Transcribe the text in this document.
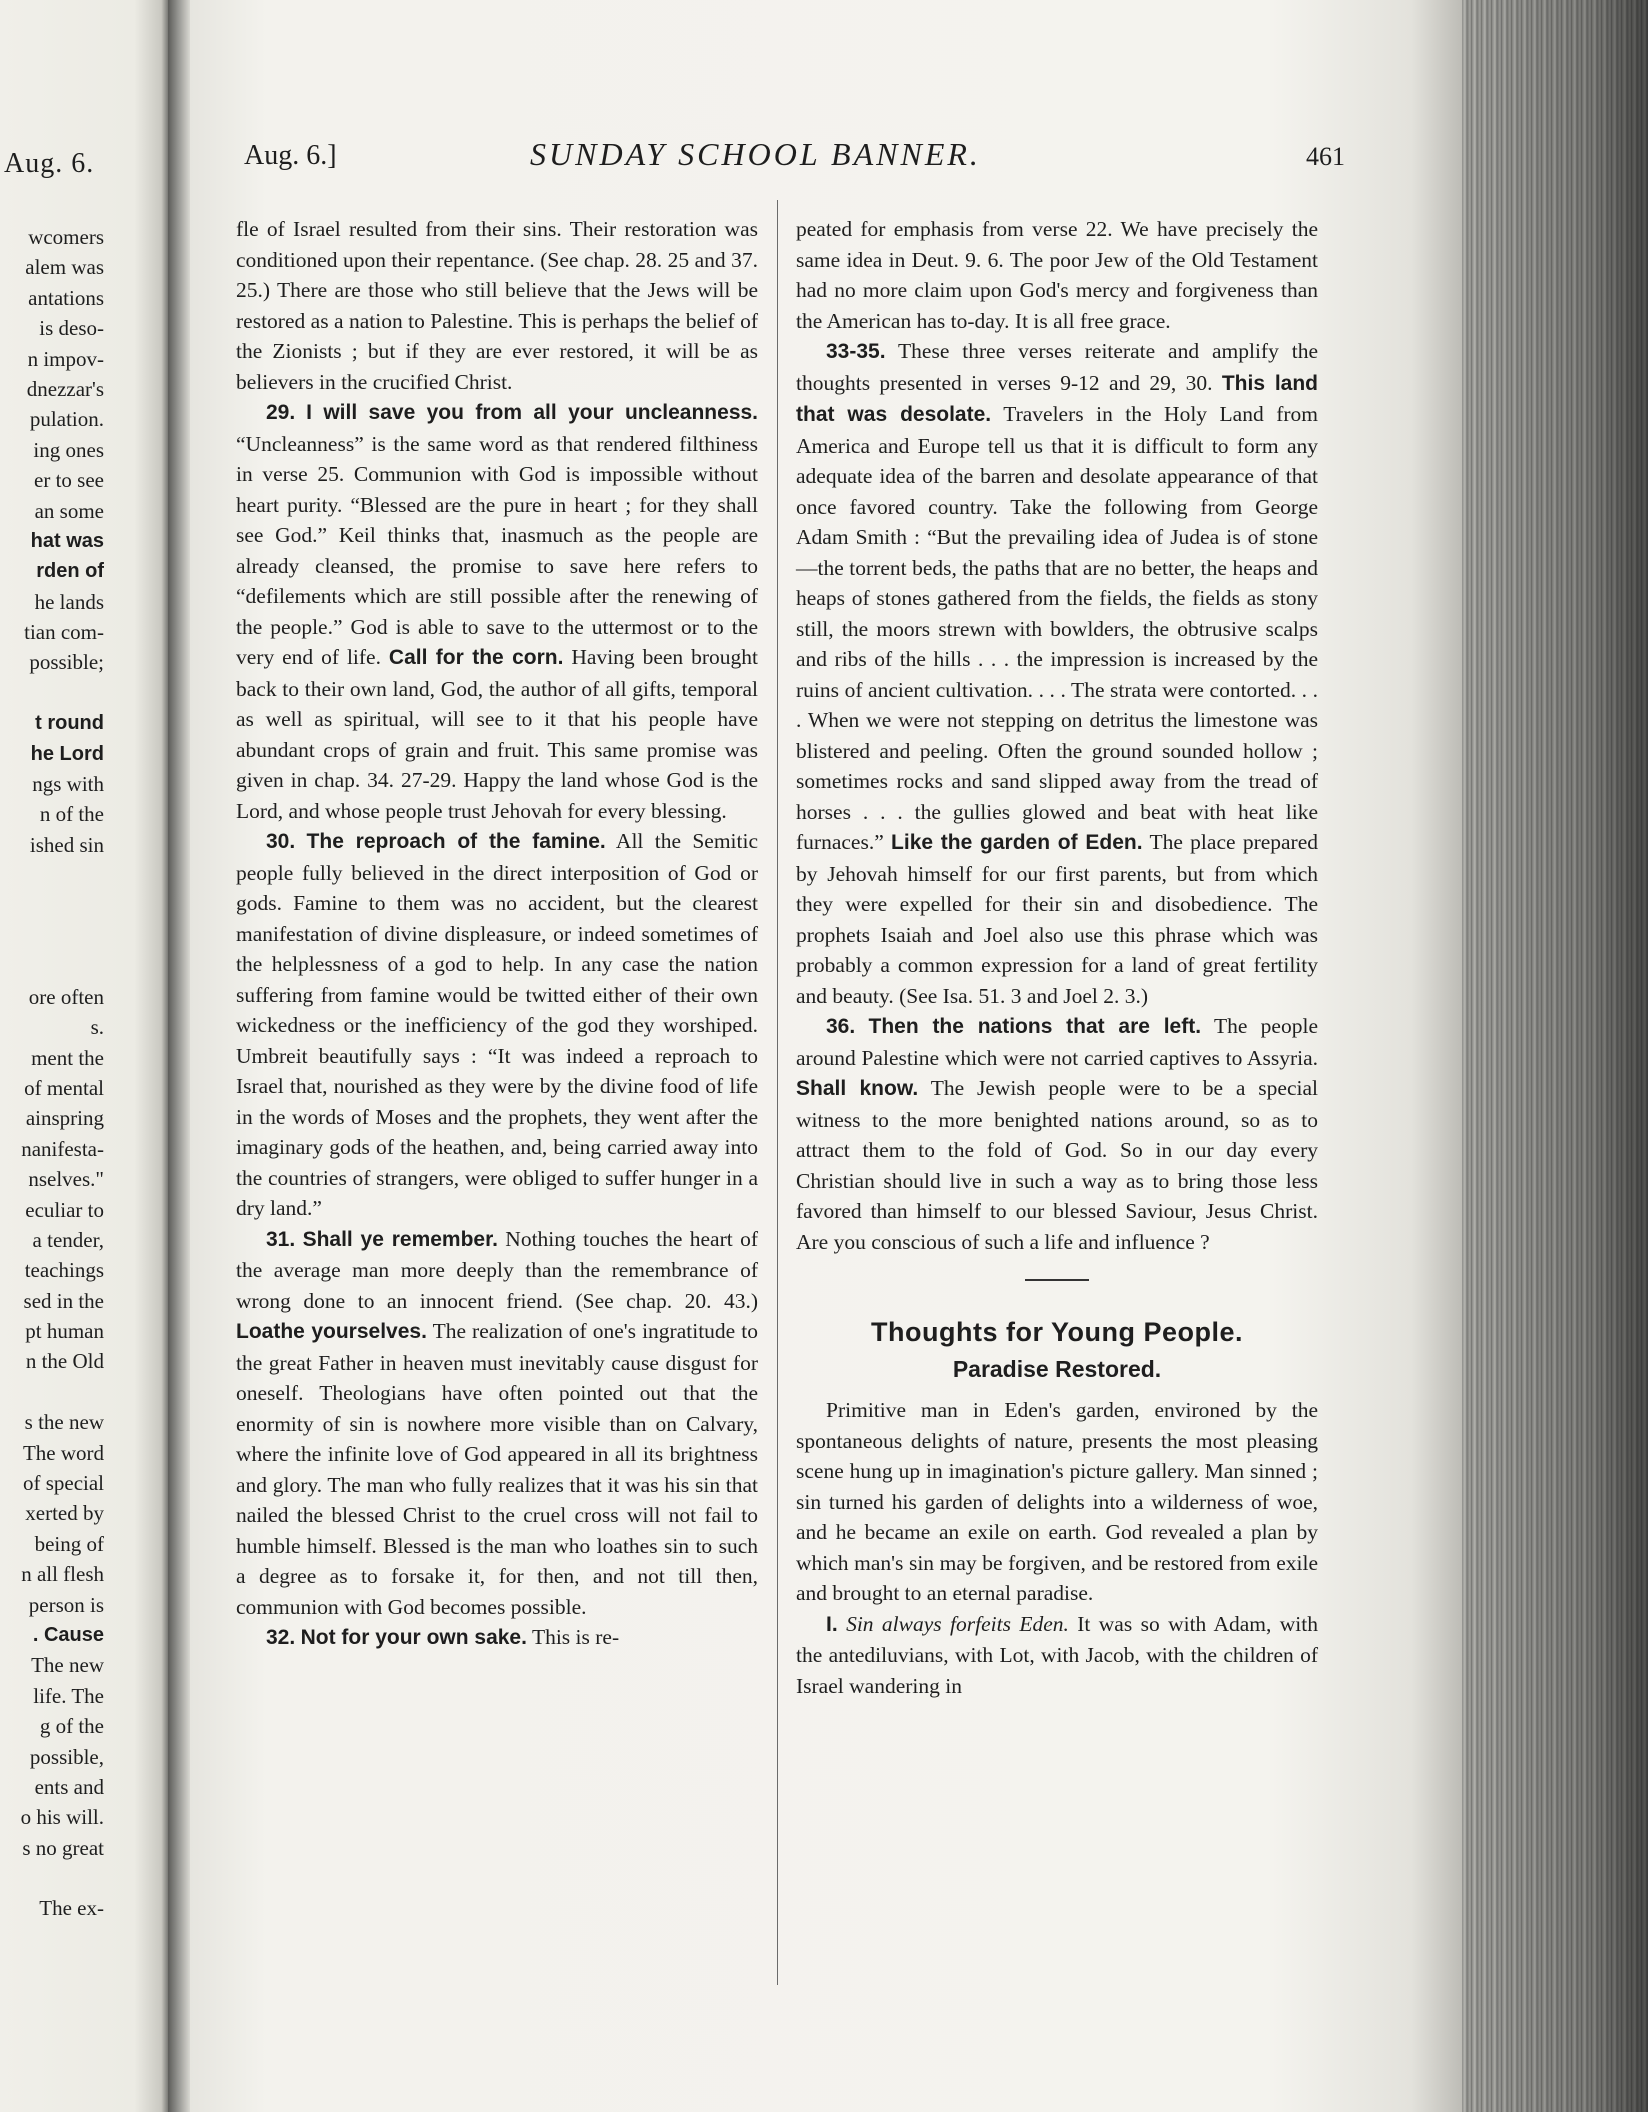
Aug. 6.
wcomers
alem was
antations
is deso-
n impov-
dnezzar's
pulation.
ing ones
er to see
an some
hat was
rden of
he lands
tian com-
possible;
t round
he Lord
ngs with
n of the
ished sin
ore often
s.
ment the
of mental
ainspring
nanifesta-
nselves."
eculiar to
a tender,
teachings
sed in the
pt human
n the Old
s the new
The word
of special
xerted by
being of
n all flesh
person is
. Cause
The new
life. The
g of the
possible,
ents and
o his will.
s no great
The ex-
Aug. 6.]	SUNDAY SCHOOL BANNER.	461

fle of Israel resulted from their sins. Their restoration was conditioned upon their repentance. (See chap. 28. 25 and 37. 25.) There are those who still believe that the Jews will be restored as a nation to Palestine. This is perhaps the belief of the Zionists ; but if they are ever restored, it will be as believers in the crucified Christ.

29. I will save you from all your uncleanness. “Uncleanness” is the same word as that rendered filthiness in verse 25. Communion with God is impossible without heart purity. “Blessed are the pure in heart ; for they shall see God.” Keil thinks that, inasmuch as the people are already cleansed, the promise to save here refers to “defilements which are still possible after the renewing of the people.” God is able to save to the uttermost or to the very end of life. Call for the corn. Having been brought back to their own land, God, the author of all gifts, temporal as well as spiritual, will see to it that his people have abundant crops of grain and fruit. This same promise was given in chap. 34. 27-29. Happy the land whose God is the Lord, and whose people trust Jehovah for every blessing.

30. The reproach of the famine. All the Semitic people fully believed in the direct interposition of God or gods. Famine to them was no accident, but the clearest manifestation of divine displeasure, or indeed sometimes of the helplessness of a god to help. In any case the nation suffering from famine would be twitted either of their own wickedness or the inefficiency of the god they worshiped. Umbreit beautifully says : “It was indeed a reproach to Israel that, nourished as they were by the divine food of life in the words of Moses and the prophets, they went after the imaginary gods of the heathen, and, being carried away into the countries of strangers, were obliged to suffer hunger in a dry land.”

31. Shall ye remember. Nothing touches the heart of the average man more deeply than the remembrance of wrong done to an innocent friend. (See chap. 20. 43.) Loathe yourselves. The realization of one's ingratitude to the great Father in heaven must inevitably cause disgust for oneself. Theologians have often pointed out that the enormity of sin is nowhere more visible than on Calvary, where the infinite love of God appeared in all its brightness and glory. The man who fully realizes that it was his sin that nailed the blessed Christ to the cruel cross will not fail to humble himself. Blessed is the man who loathes sin to such a degree as to forsake it, for then, and not till then, communion with God becomes possible.

32. Not for your own sake. This is re-

peated for emphasis from verse 22. We have precisely the same idea in Deut. 9. 6. The poor Jew of the Old Testament had no more claim upon God's mercy and forgiveness than the American has to-day. It is all free grace.

33-35. These three verses reiterate and amplify the thoughts presented in verses 9-12 and 29, 30. This land that was desolate. Travelers in the Holy Land from America and Europe tell us that it is difficult to form any adequate idea of the barren and desolate appearance of that once favored country. Take the following from George Adam Smith : “But the prevailing idea of Judea is of stone—the torrent beds, the paths that are no better, the heaps and heaps of stones gathered from the fields, the fields as stony still, the moors strewn with bowlders, the obtrusive scalps and ribs of the hills . . . the impression is increased by the ruins of ancient cultivation. . . . The strata were contorted. . . . When we were not stepping on detritus the limestone was blistered and peeling. Often the ground sounded hollow ; sometimes rocks and sand slipped away from the tread of horses . . . the gullies glowed and beat with heat like furnaces.” Like the garden of Eden. The place prepared by Jehovah himself for our first parents, but from which they were expelled for their sin and disobedience. The prophets Isaiah and Joel also use this phrase which was probably a common expression for a land of great fertility and beauty. (See Isa. 51. 3 and Joel 2. 3.)

36. Then the nations that are left. The people around Palestine which were not carried captives to Assyria. Shall know. The Jewish people were to be a special witness to the more benighted nations around, so as to attract them to the fold of God. So in our day every Christian should live in such a way as to bring those less favored than himself to our blessed Saviour, Jesus Christ. Are you conscious of such a life and influence ?

Thoughts for Young People.
Paradise Restored.

Primitive man in Eden's garden, environed by the spontaneous delights of nature, presents the most pleasing scene hung up in imagination's picture gallery. Man sinned ; sin turned his garden of delights into a wilderness of woe, and he became an exile on earth. God revealed a plan by which man's sin may be forgiven, and be restored from exile and brought to an eternal paradise.

I. Sin always forfeits Eden. It was so with Adam, with the antediluvians, with Lot, with Jacob, with the children of Israel wandering in
